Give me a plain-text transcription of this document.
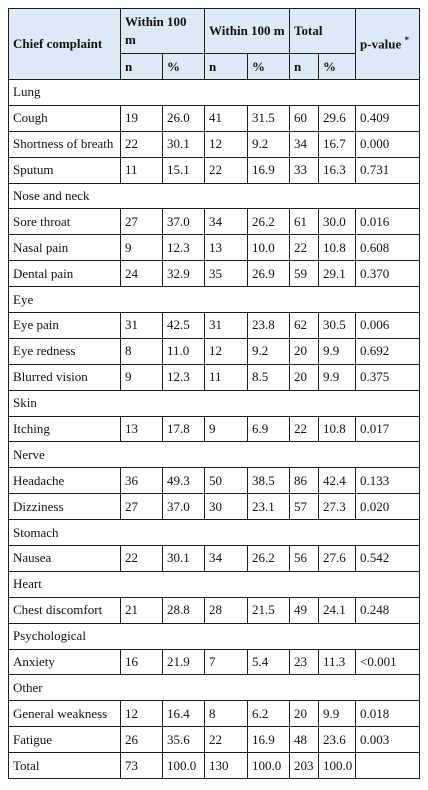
Chief complaint	Within 100 m		Within 100 m		Total		p-value *
	n	%	n	%	n	%	
Lung							
Cough	19	26.0	41	31.5	60	29.6	0.409
Shortness of breath	22	30.1	12	9.2	34	16.7	0.000
Sputum	11	15.1	22	16.9	33	16.3	0.731
Nose and neck							
Sore throat	27	37.0	34	26.2	61	30.0	0.016
Nasal pain	9	12.3	13	10.0	22	10.8	0.608
Dental pain	24	32.9	35	26.9	59	29.1	0.370
Eye							
Eye pain	31	42.5	31	23.8	62	30.5	0.006
Eye redness	8	11.0	12	9.2	20	9.9	0.692
Blurred vision	9	12.3	11	8.5	20	9.9	0.375
Skin							
Itching	13	17.8	9	6.9	22	10.8	0.017
Nerve							
Headache	36	49.3	50	38.5	86	42.4	0.133
Dizziness	27	37.0	30	23.1	57	27.3	0.020
Stomach							
Nausea	22	30.1	34	26.2	56	27.6	0.542
Heart							
Chest discomfort	21	28.8	28	21.5	49	24.1	0.248
Psychological							
Anxiety	16	21.9	7	5.4	23	11.3	<0.001
Other							
General weakness	12	16.4	8	6.2	20	9.9	0.018
Fatigue	26	35.6	22	16.9	48	23.6	0.003
Total	73	100.0	130	100.0	203	100.0	
